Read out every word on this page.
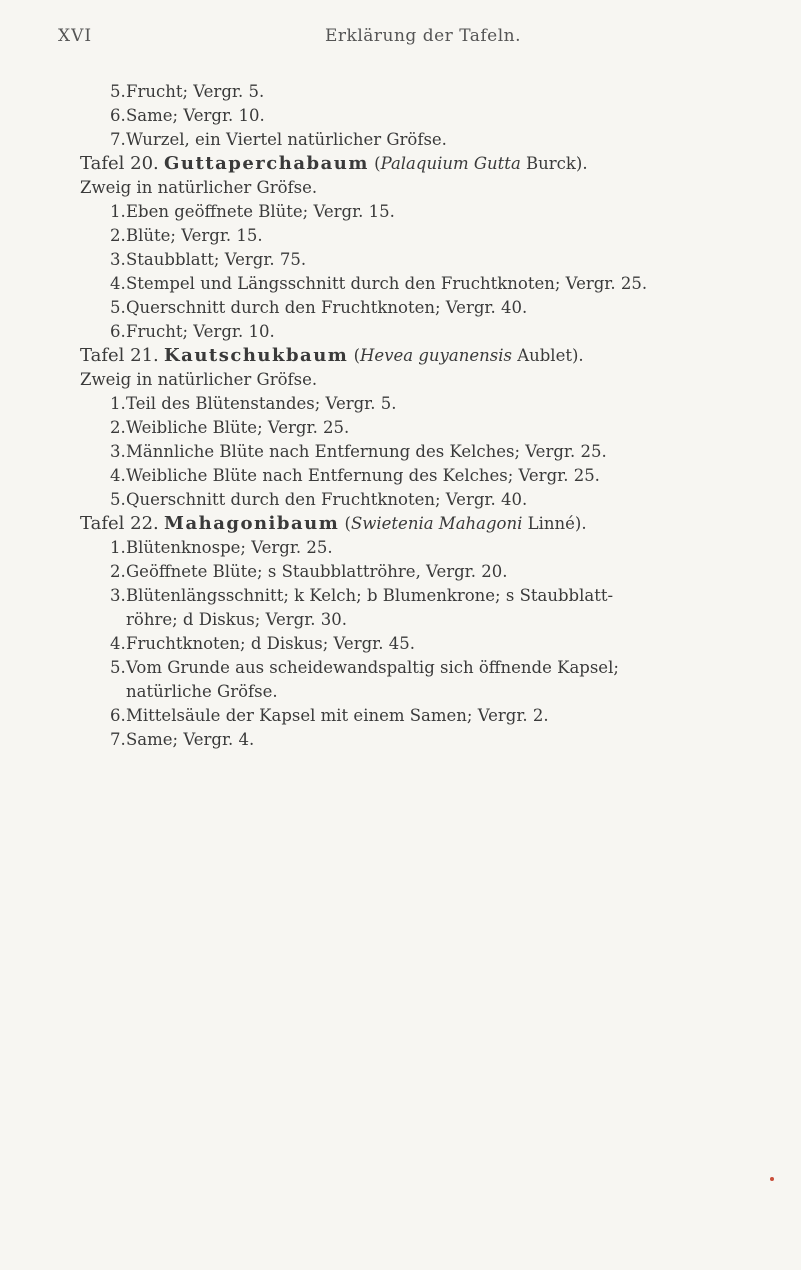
XVI	Erklärung der Tafeln.
5. Frucht; Vergr. 5.
6. Same; Vergr. 10.
7. Wurzel, ein Viertel natürlicher Gröfse.
Tafel 20. Guttaperchabaum (Palaquium Gutta Burck).
Zweig in natürlicher Gröfse.
1. Eben geöffnete Blüte; Vergr. 15.
2. Blüte; Vergr. 15.
3. Staubblatt; Vergr. 75.
4. Stempel und Längsschnitt durch den Fruchtknoten; Vergr. 25.
5. Querschnitt durch den Fruchtknoten; Vergr. 40.
6. Frucht; Vergr. 10.
Tafel 21. Kautschukbaum (Hevea guyanensis Aublet).
Zweig in natürlicher Gröfse.
1. Teil des Blütenstandes; Vergr. 5.
2. Weibliche Blüte; Vergr. 25.
3. Männliche Blüte nach Entfernung des Kelches; Vergr. 25.
4. Weibliche Blüte nach Entfernung des Kelches; Vergr. 25.
5. Querschnitt durch den Fruchtknoten; Vergr. 40.
Tafel 22. Mahagonibaum (Swietenia Mahagoni Linné).
1. Blütenknospe; Vergr. 25.
2. Geöffnete Blüte; s Staubblattröhre, Vergr. 20.
3. Blütenlängsschnitt; k Kelch; b Blumenkrone; s Staubblatt-
röhre; d Diskus; Vergr. 30.
4. Fruchtknoten; d Diskus; Vergr. 45.
5. Vom Grunde aus scheidewandspaltig sich öffnende Kapsel;
natürliche Gröfse.
6. Mittelsäule der Kapsel mit einem Samen; Vergr. 2.
7. Same; Vergr. 4.
